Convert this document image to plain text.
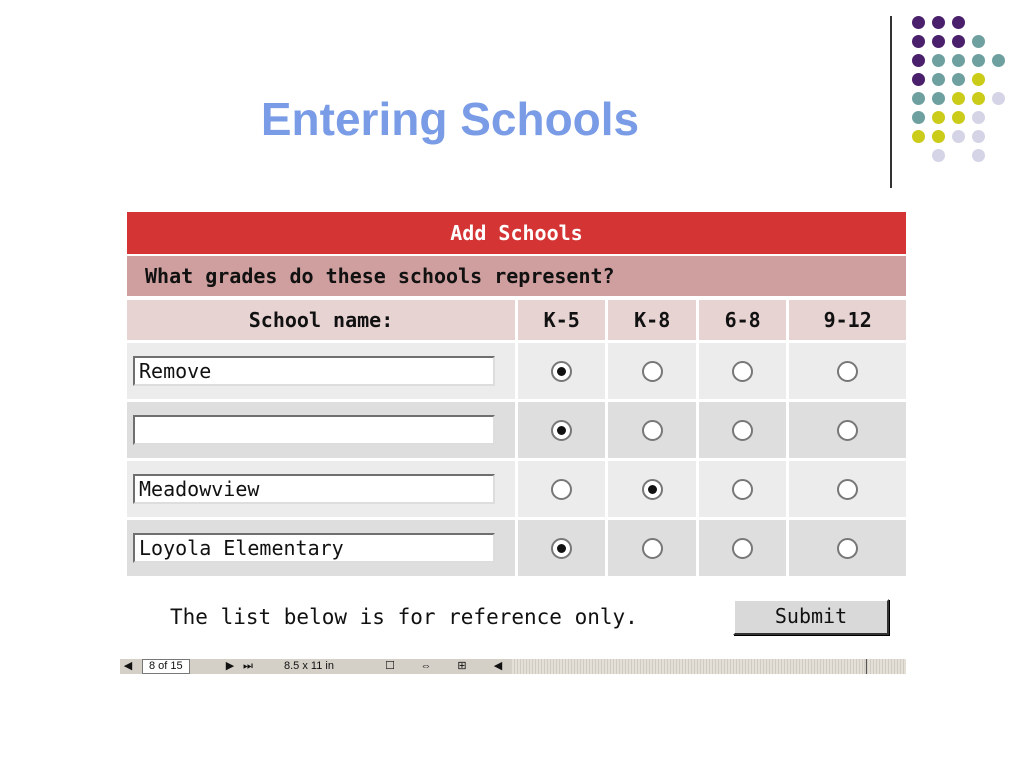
Entering Schools
Add Schools
What grades do these schools represent?
School name:	K-5	K-8	6-8	9-12

Remove				

Meadowview				

Loyola Elementary				

The list below is for reference only.	Submit
◀	8 of 15	▶ ⏭	8.5 x 11 in	☐ ⇔ ⊞ ◀
